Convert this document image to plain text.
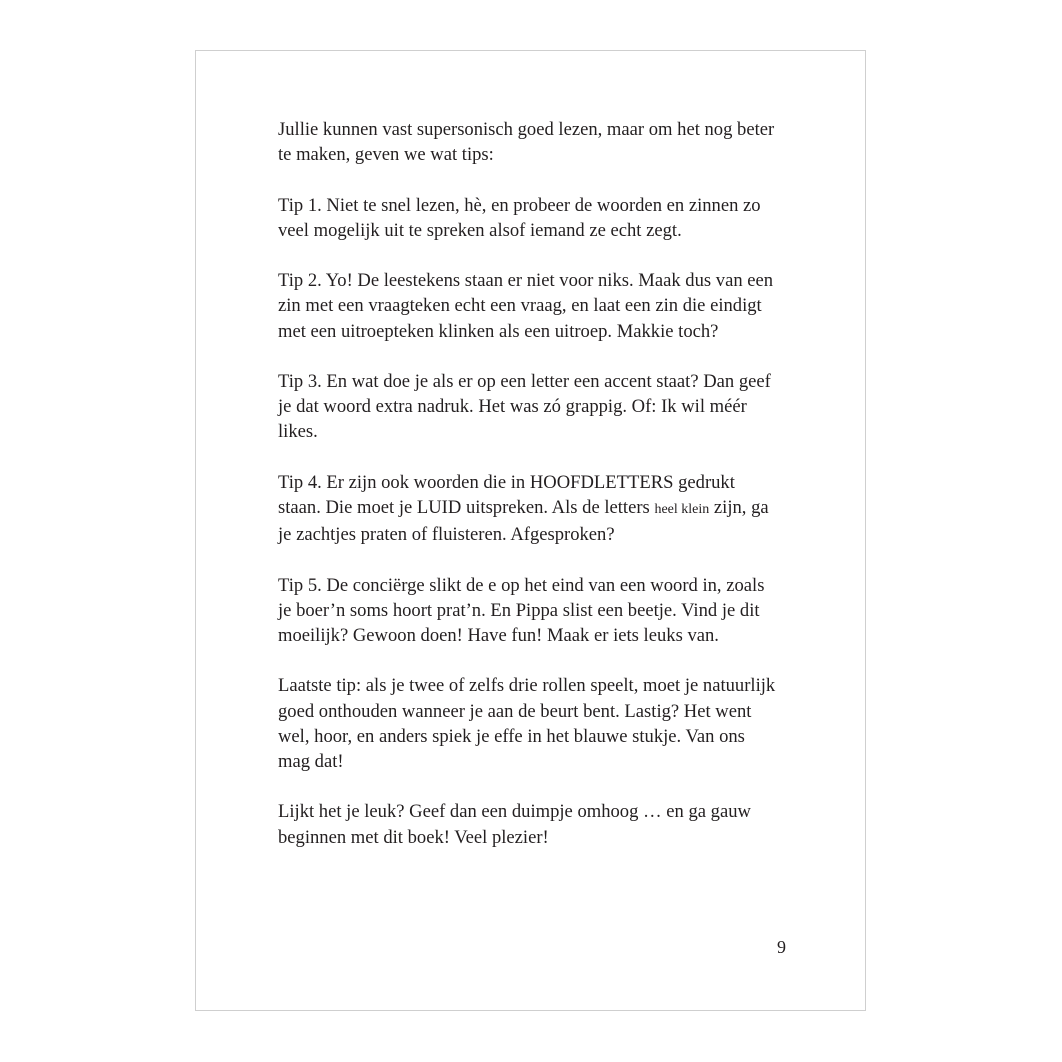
Jullie kunnen vast supersonisch goed lezen, maar om het nog beter
te maken, geven we wat tips:

Tip 1. Niet te snel lezen, hè, en probeer de woorden en zinnen zo
veel mogelijk uit te spreken alsof iemand ze echt zegt.

Tip 2. Yo! De leestekens staan er niet voor niks. Maak dus van een
zin met een vraagteken echt een vraag, en laat een zin die eindigt
met een uitroepteken klinken als een uitroep. Makkie toch?

Tip 3. En wat doe je als er op een letter een accent staat? Dan geef
je dat woord extra nadruk. Het was zó grappig. Of: Ik wil méér
likes.

Tip 4. Er zijn ook woorden die in HOOFDLETTERS gedrukt
staan. Die moet je LUID uitspreken. Als de letters heel klein zijn, ga
je zachtjes praten of fluisteren. Afgesproken?

Tip 5. De conciërge slikt de e op het eind van een woord in, zoals
je boer’n soms hoort prat’n. En Pippa slist een beetje. Vind je dit
moeilijk? Gewoon doen! Have fun! Maak er iets leuks van.

Laatste tip: als je twee of zelfs drie rollen speelt, moet je natuurlijk
goed onthouden wanneer je aan de beurt bent. Lastig? Het went
wel, hoor, en anders spiek je effe in het blauwe stukje. Van ons
mag dat!

Lijkt het je leuk? Geef dan een duimpje omhoog … en ga gauw
beginnen met dit boek! Veel plezier!

9
